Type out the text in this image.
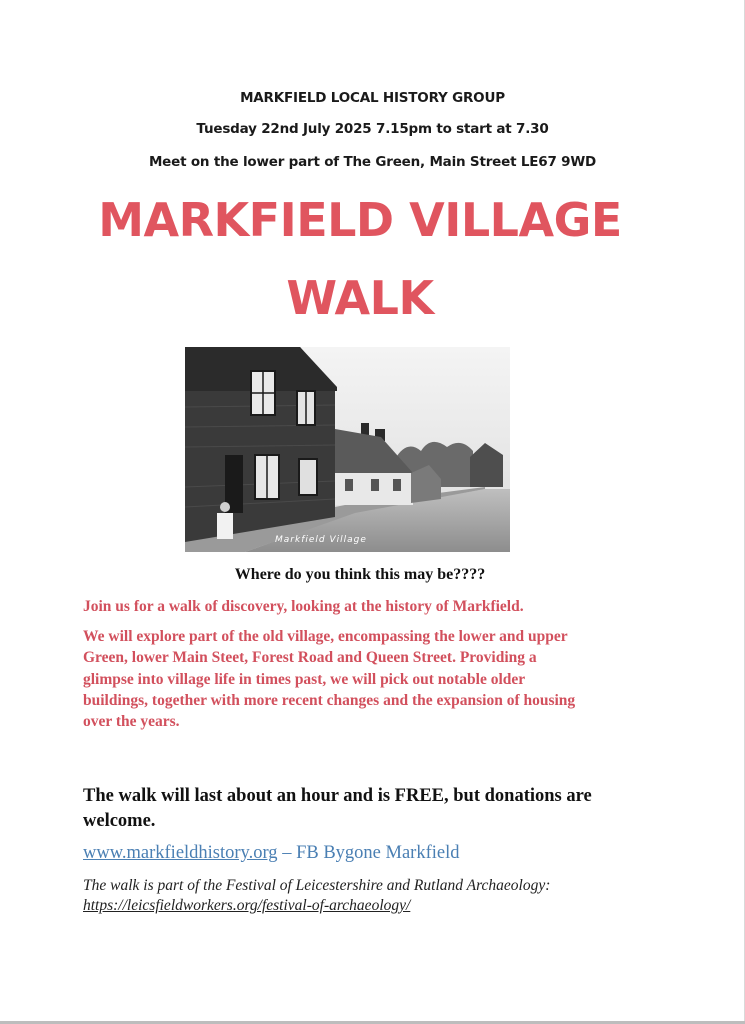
MARKFIELD LOCAL HISTORY GROUP
Tuesday 22nd July 2025 7.15pm to start at 7.30
Meet on the lower part of The Green, Main Street LE67 9WD
MARKFIELD VILLAGE
WALK
Markfield Village
Where do you think this may be????
Join us for a walk of discovery, looking at the history of Markfield.
We will explore part of the old village, encompassing the lower and upper
Green, lower Main Steet, Forest Road and Queen Street. Providing a
glimpse into village life in times past, we will pick out notable older
buildings, together with more recent changes and the expansion of housing
over the years.
The walk will last about an hour and is FREE, but donations are
welcome.
www.markfieldhistory.org – FB Bygone Markfield
The walk is part of the Festival of Leicestershire and Rutland Archaeology:
https://leicsfieldworkers.org/festival-of-archaeology/
